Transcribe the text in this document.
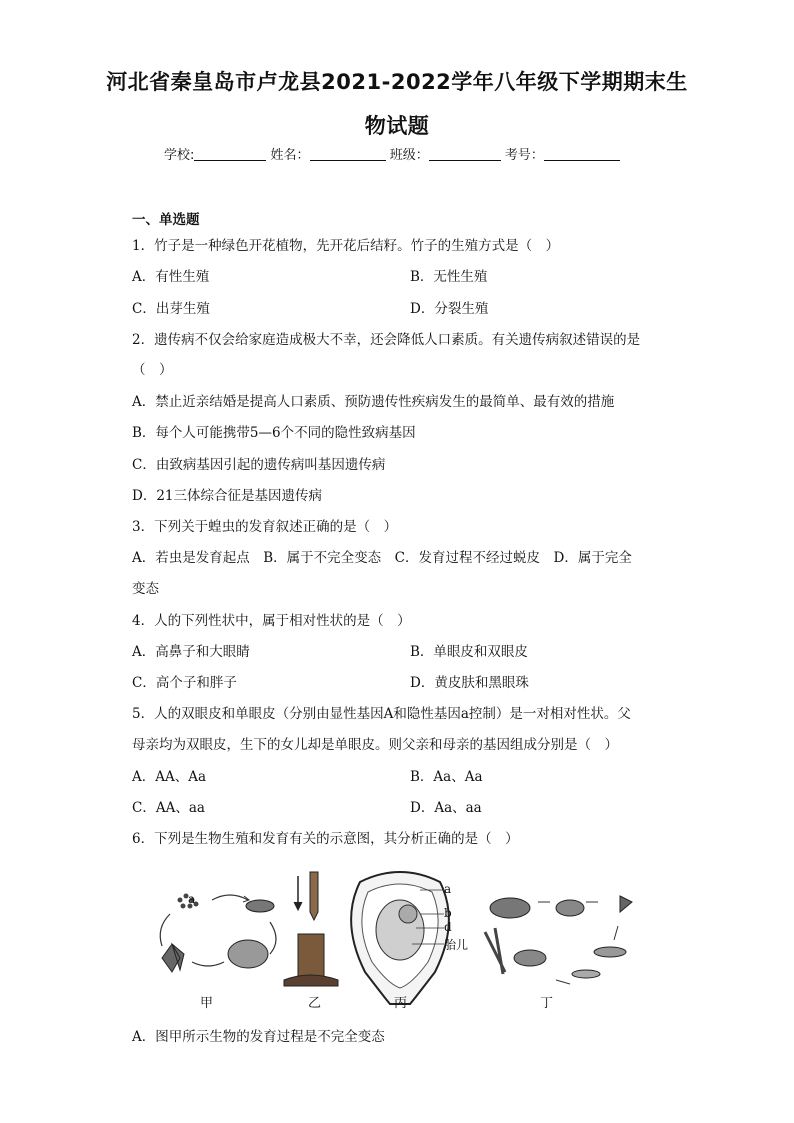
河北省秦皇岛市卢龙县2021-2022学年八年级下学期期末生
物试题
学校:	姓名：	班级：	考号：
一、单选题
1．竹子是一种绿色开花植物，先开花后结籽。竹子的生殖方式是（　）
A．有性生殖	B．无性生殖
C．出芽生殖	D．分裂生殖
2．遗传病不仅会给家庭造成极大不幸，还会降低人口素质。有关遗传病叙述错误的是
（　）
A．禁止近亲结婚是提高人口素质、预防遗传性疾病发生的最简单、最有效的措施
B．每个人可能携带5—6个不同的隐性致病基因
C．由致病基因引起的遗传病叫基因遗传病
D．21三体综合征是基因遗传病
3．下列关于蝗虫的发育叙述正确的是（　）
A．若虫是发育起点　B．属于不完全变态　C．发育过程不经过蜕皮　D．属于完全
变态
4．人的下列性状中，属于相对性状的是（　）
A．高鼻子和大眼睛	B．单眼皮和双眼皮
C．高个子和胖子	D．黄皮肤和黑眼珠
5．人的双眼皮和单眼皮（分别由显性基因A和隐性基因a控制）是一对相对性状。父
母亲均为双眼皮，生下的女儿却是单眼皮。则父亲和母亲的基因组成分别是（　）
A．AA、Aa	B．Aa、Aa
C．AA、aa	D．Aa、aa
6．下列是生物生殖和发育有关的示意图，其分析正确的是（　）
a
a
b
d
胎儿
甲	乙	丙	丁
A．图甲所示生物的发育过程是不完全变态
